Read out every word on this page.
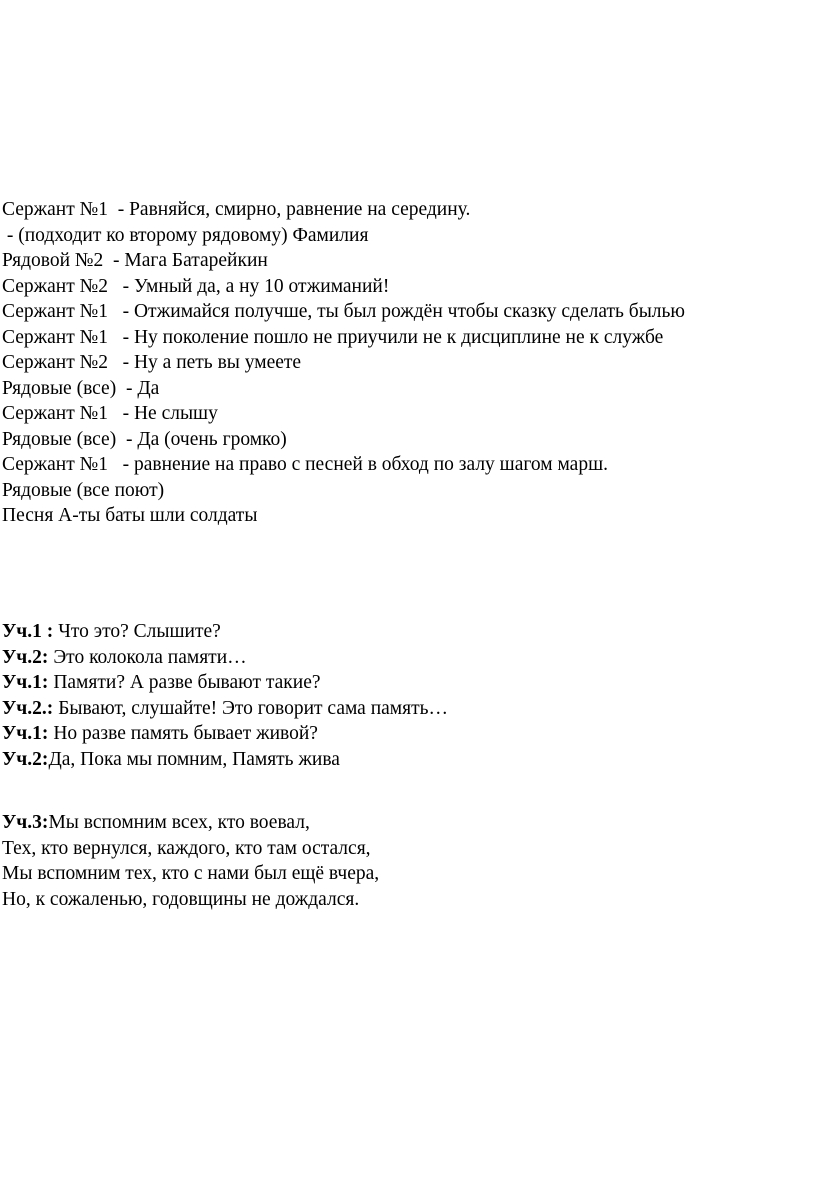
Сержант №1  - Равняйся, смирно, равнение на середину.
- (подходит ко второму рядовому) Фамилия
Рядовой №2  - Мага Батарейкин
Сержант №2   - Умный да, а ну 10 отжиманий!
Сержант №1   - Отжимайся получше, ты был рождён чтобы сказку сделать былью
Сержант №1   - Ну поколение пошло не приучили не к дисциплине не к службе
Сержант №2   - Ну а петь вы умеете
Рядовые (все)  - Да
Сержант №1   - Не слышу
Рядовые (все)  - Да (очень громко)
Сержант №1   - равнение на право с песней в обход по залу шагом марш.
Рядовые (все поют)
Песня А-ты баты шли солдаты
Уч.1 : Что это? Слышите?
Уч.2: Это колокола памяти…
Уч.1: Памяти? А разве бывают такие?
Уч.2.: Бывают, слушайте! Это говорит сама память…
Уч.1: Но разве память бывает живой?
Уч.2:Да, Пока мы помним, Память жива
Уч.3:Мы вспомним всех, кто воевал,
Тех, кто вернулся, каждого, кто там остался,
Мы вспомним тех, кто с нами был ещё вчера,
Но, к сожаленью, годовщины не дождался.
